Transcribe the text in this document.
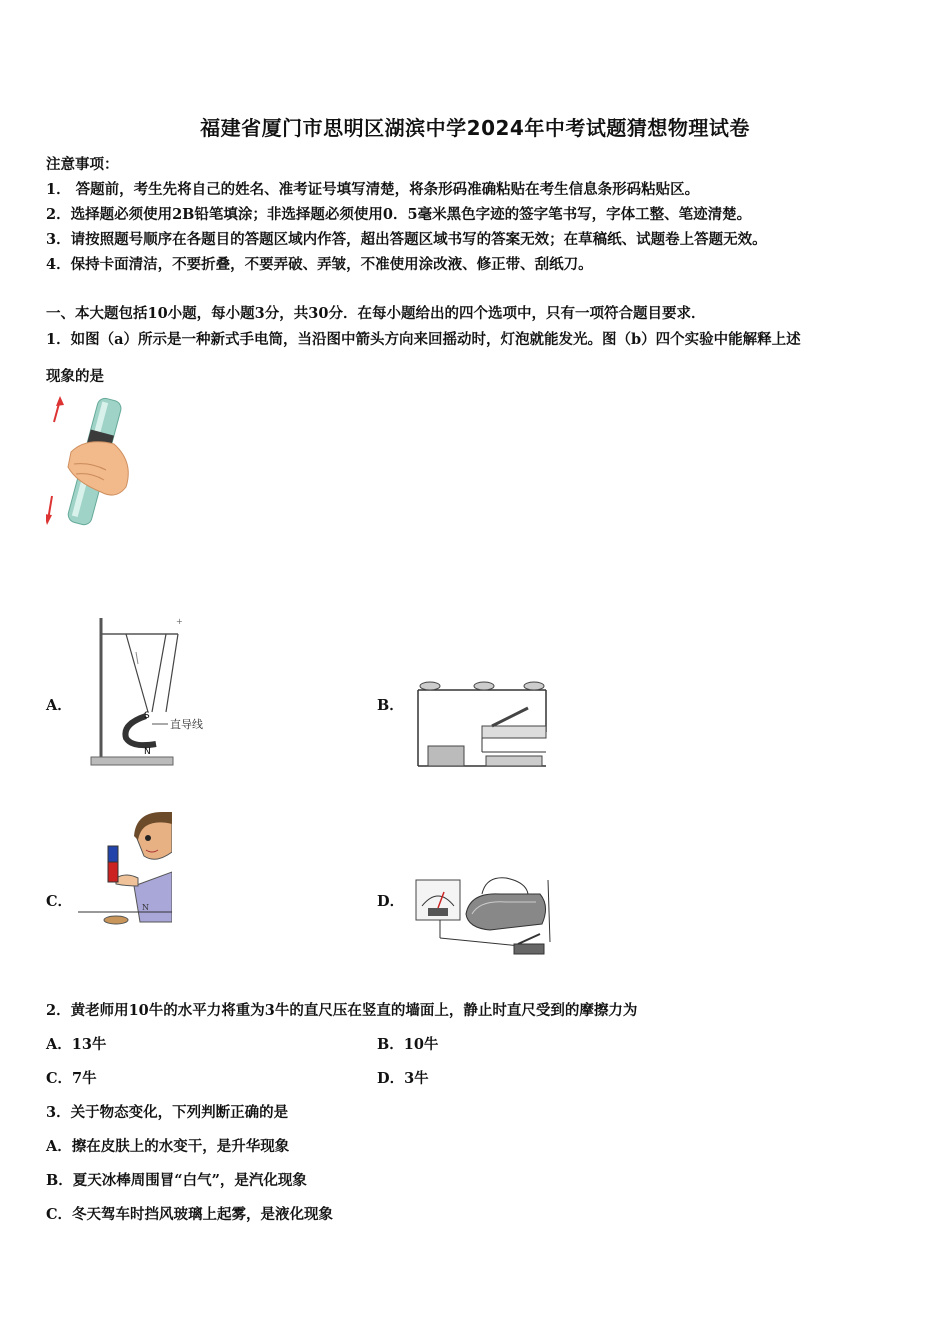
福建省厦门市思明区湖滨中学2024年中考试题猜想物理试卷
注意事项：
1． 答题前，考生先将自己的姓名、准考证号填写清楚，将条形码准确粘贴在考生信息条形码粘贴区。
2．选择题必须使用2B铅笔填涂；非选择题必须使用0．5毫米黑色字迹的签字笔书写，字体工整、笔迹清楚。
3．请按照题号顺序在各题目的答题区域内作答，超出答题区域书写的答案无效；在草稿纸、试题卷上答题无效。
4．保持卡面清洁，不要折叠，不要弄破、弄皱，不准使用涂改液、修正带、刮纸刀。
一、本大题包括10小题，每小题3分，共30分．在每小题给出的四个选项中，只有一项符合题目要求．
1．如图（a）所示是一种新式手电筒，当沿图中箭头方向来回摇动时，灯泡就能发光。图（b）四个实验中能解释上述
现象的是
A．
S
N
直导线
+
B．
C．	N	D．
2．黄老师用10牛的水平力将重为3牛的直尺压在竖直的墙面上，静止时直尺受到的摩擦力为
A．13牛	B．10牛
C．7牛	D．3牛
3．关于物态变化，下列判断正确的是
A．擦在皮肤上的水变干，是升华现象
B．夏天冰棒周围冒“白气”，是汽化现象
C．冬天驾车时挡风玻璃上起雾，是液化现象
